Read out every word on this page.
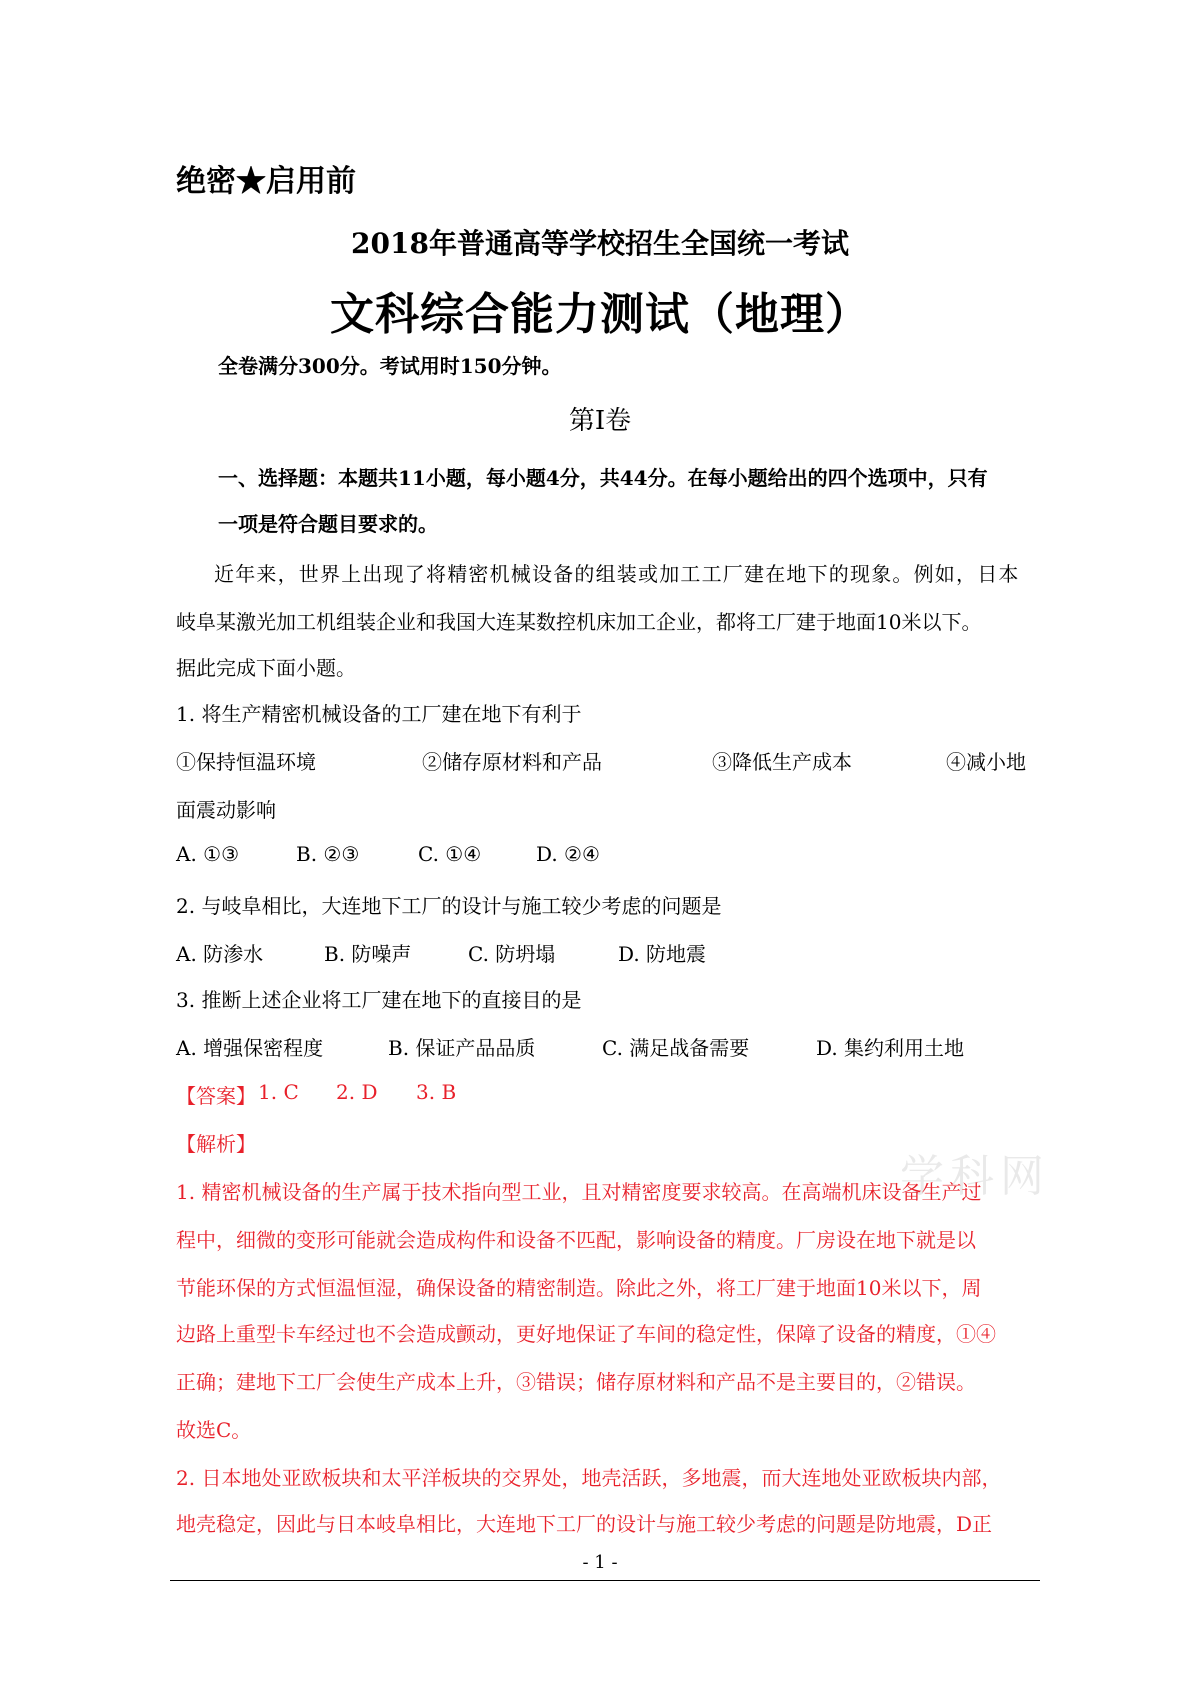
绝密★启用前
2018年普通高等学校招生全国统一考试
文科综合能力测试（地理）
全卷满分300分。考试用时150分钟。
第Ⅰ卷
一、选择题：本题共11小题，每小题4分，共44分。在每小题给出的四个选项中，只有
一项是符合题目要求的。
近年来，世界上出现了将精密机械设备的组装或加工工厂建在地下的现象。例如，日本
岐阜某激光加工机组装企业和我国大连某数控机床加工企业，都将工厂建于地面10米以下。
据此完成下面小题。
1. 将生产精密机械设备的工厂建在地下有利于
①保持恒温环境	②储存原材料和产品	③降低生产成本	④减小地
面震动影响
A. ①③	B. ②③	C. ①④	D. ②④
2. 与岐阜相比，大连地下工厂的设计与施工较少考虑的问题是
A. 防渗水	B. 防噪声	C. 防坍塌	D. 防地震
3. 推断上述企业将工厂建在地下的直接目的是
A. 增强保密程度	B. 保证产品品质	C. 满足战备需要	D. 集约利用土地
【答案】 1. C 2. D 3. B
【解析】
学科网
1. 精密机械设备的生产属于技术指向型工业，且对精密度要求较高。在高端机床设备生产过
程中，细微的变形可能就会造成构件和设备不匹配，影响设备的精度。厂房设在地下就是以
节能环保的方式恒温恒湿，确保设备的精密制造。除此之外，将工厂建于地面10米以下，周
边路上重型卡车经过也不会造成颤动，更好地保证了车间的稳定性，保障了设备的精度，①④
正确；建地下工厂会使生产成本上升，③错误；储存原材料和产品不是主要目的，②错误。
故选C。
2. 日本地处亚欧板块和太平洋板块的交界处，地壳活跃，多地震，而大连地处亚欧板块内部，
地壳稳定，因此与日本岐阜相比，大连地下工厂的设计与施工较少考虑的问题是防地震，D正
- 1 -
